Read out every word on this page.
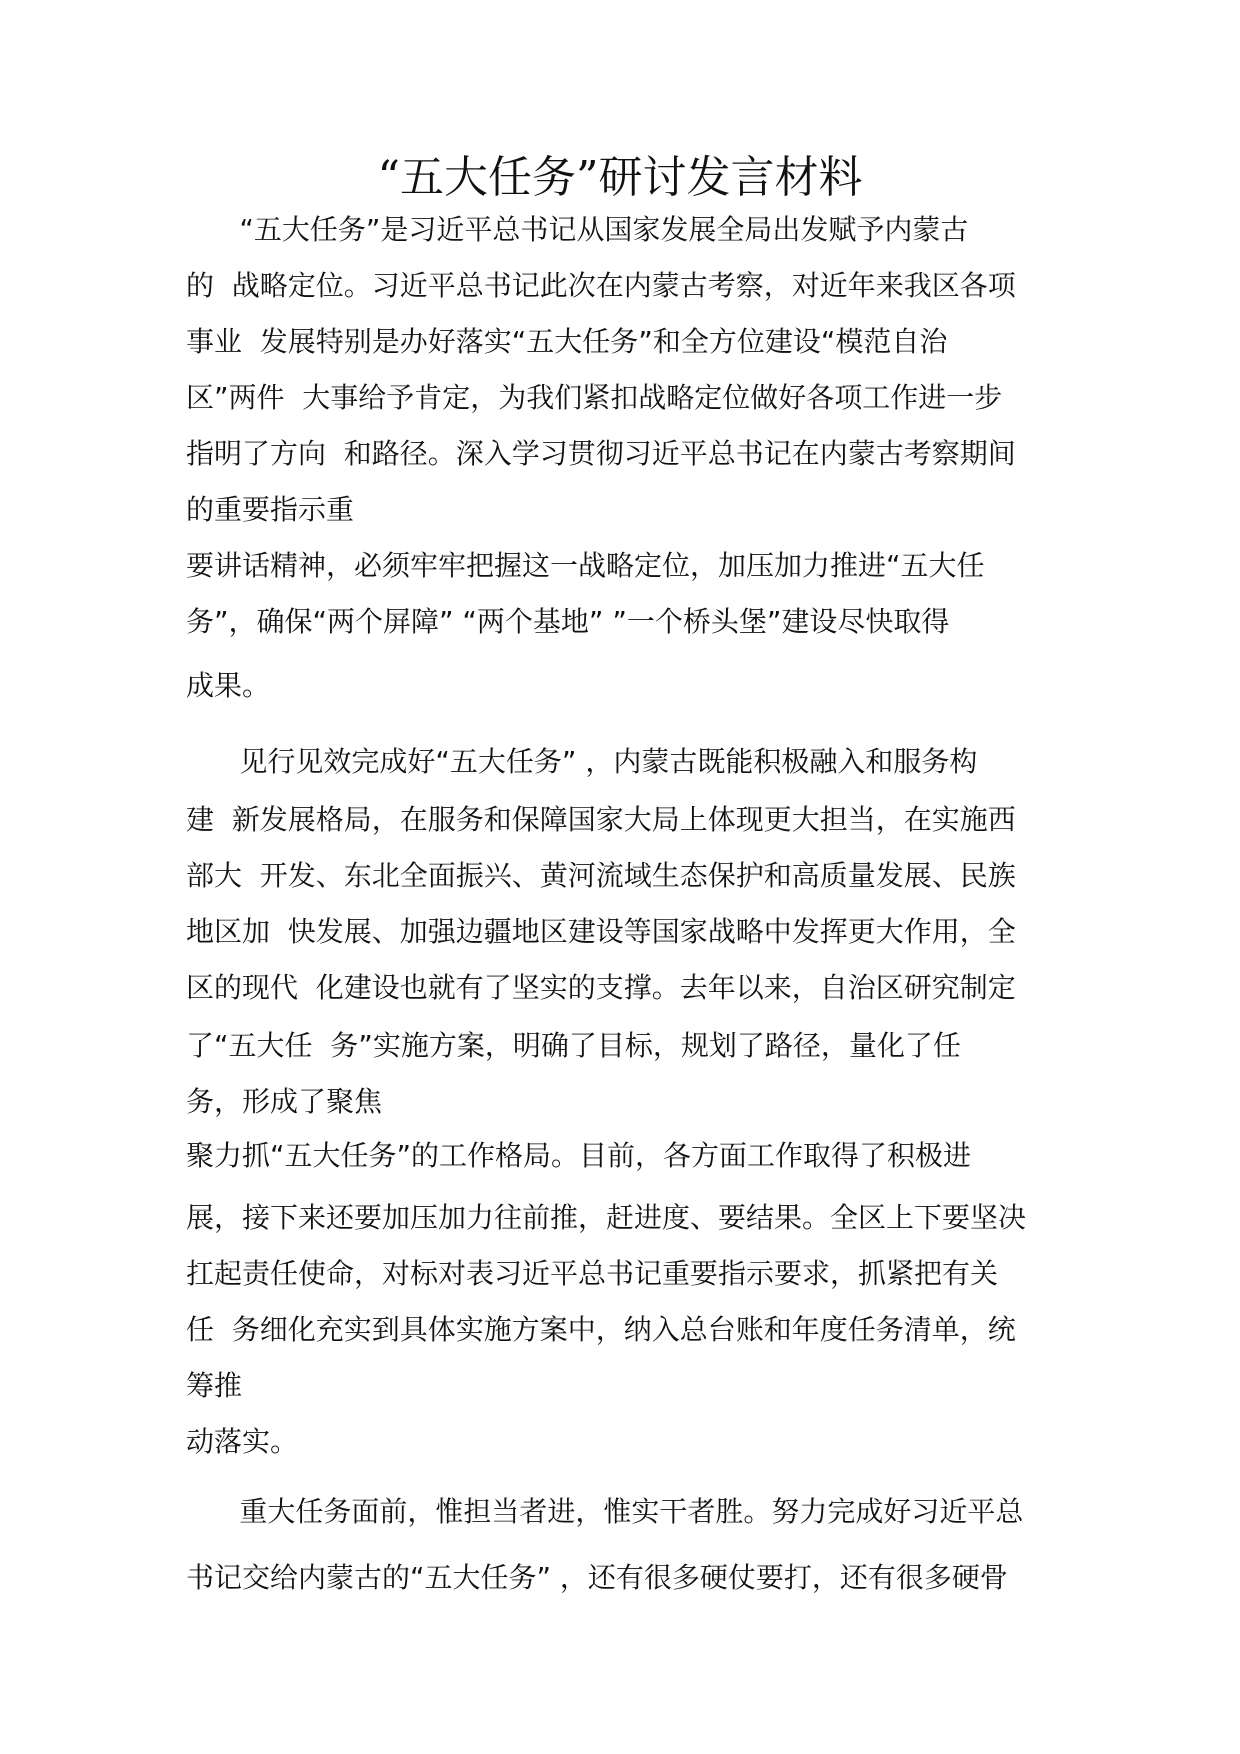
“五大任务”研讨发言材料
“五大任务”是习近平总书记从国家发展全局出发赋予内蒙古
的  战略定位。习近平总书记此次在内蒙古考察，对近年来我区各项
事业  发展特别是办好落实“五大任务”和全方位建设“模范自治
区”两件  大事给予肯定，为我们紧扣战略定位做好各项工作进一步
指明了方向  和路径。深入学习贯彻习近平总书记在内蒙古考察期间
的重要指示重
要讲话精神，必须牢牢把握这一战略定位，加压加力推进“五大任
务”，确保“两个屏障” “两个基地” ”一个桥头堡”建设尽快取得
成果。
见行见效完成好“五大任务” ，内蒙古既能积极融入和服务构
建  新发展格局，在服务和保障国家大局上体现更大担当，在实施西
部大  开发、东北全面振兴、黄河流域生态保护和高质量发展、民族
地区加  快发展、加强边疆地区建设等国家战略中发挥更大作用，全
区的现代  化建设也就有了坚实的支撑。去年以来，自治区研究制定
了“五大任  务”实施方案，明确了目标，规划了路径，量化了任
务，形成了聚焦
聚力抓“五大任务”的工作格局。目前，各方面工作取得了积极进
展，接下来还要加压加力往前推，赶进度、要结果。全区上下要坚决
扛起责任使命，对标对表习近平总书记重要指示要求，抓紧把有关
任  务细化充实到具体实施方案中，纳入总台账和年度任务清单，统
筹推
动落实。
重大任务面前，惟担当者进，惟实干者胜。努力完成好习近平总
书记交给内蒙古的“五大任务” ，还有很多硬仗要打，还有很多硬骨
